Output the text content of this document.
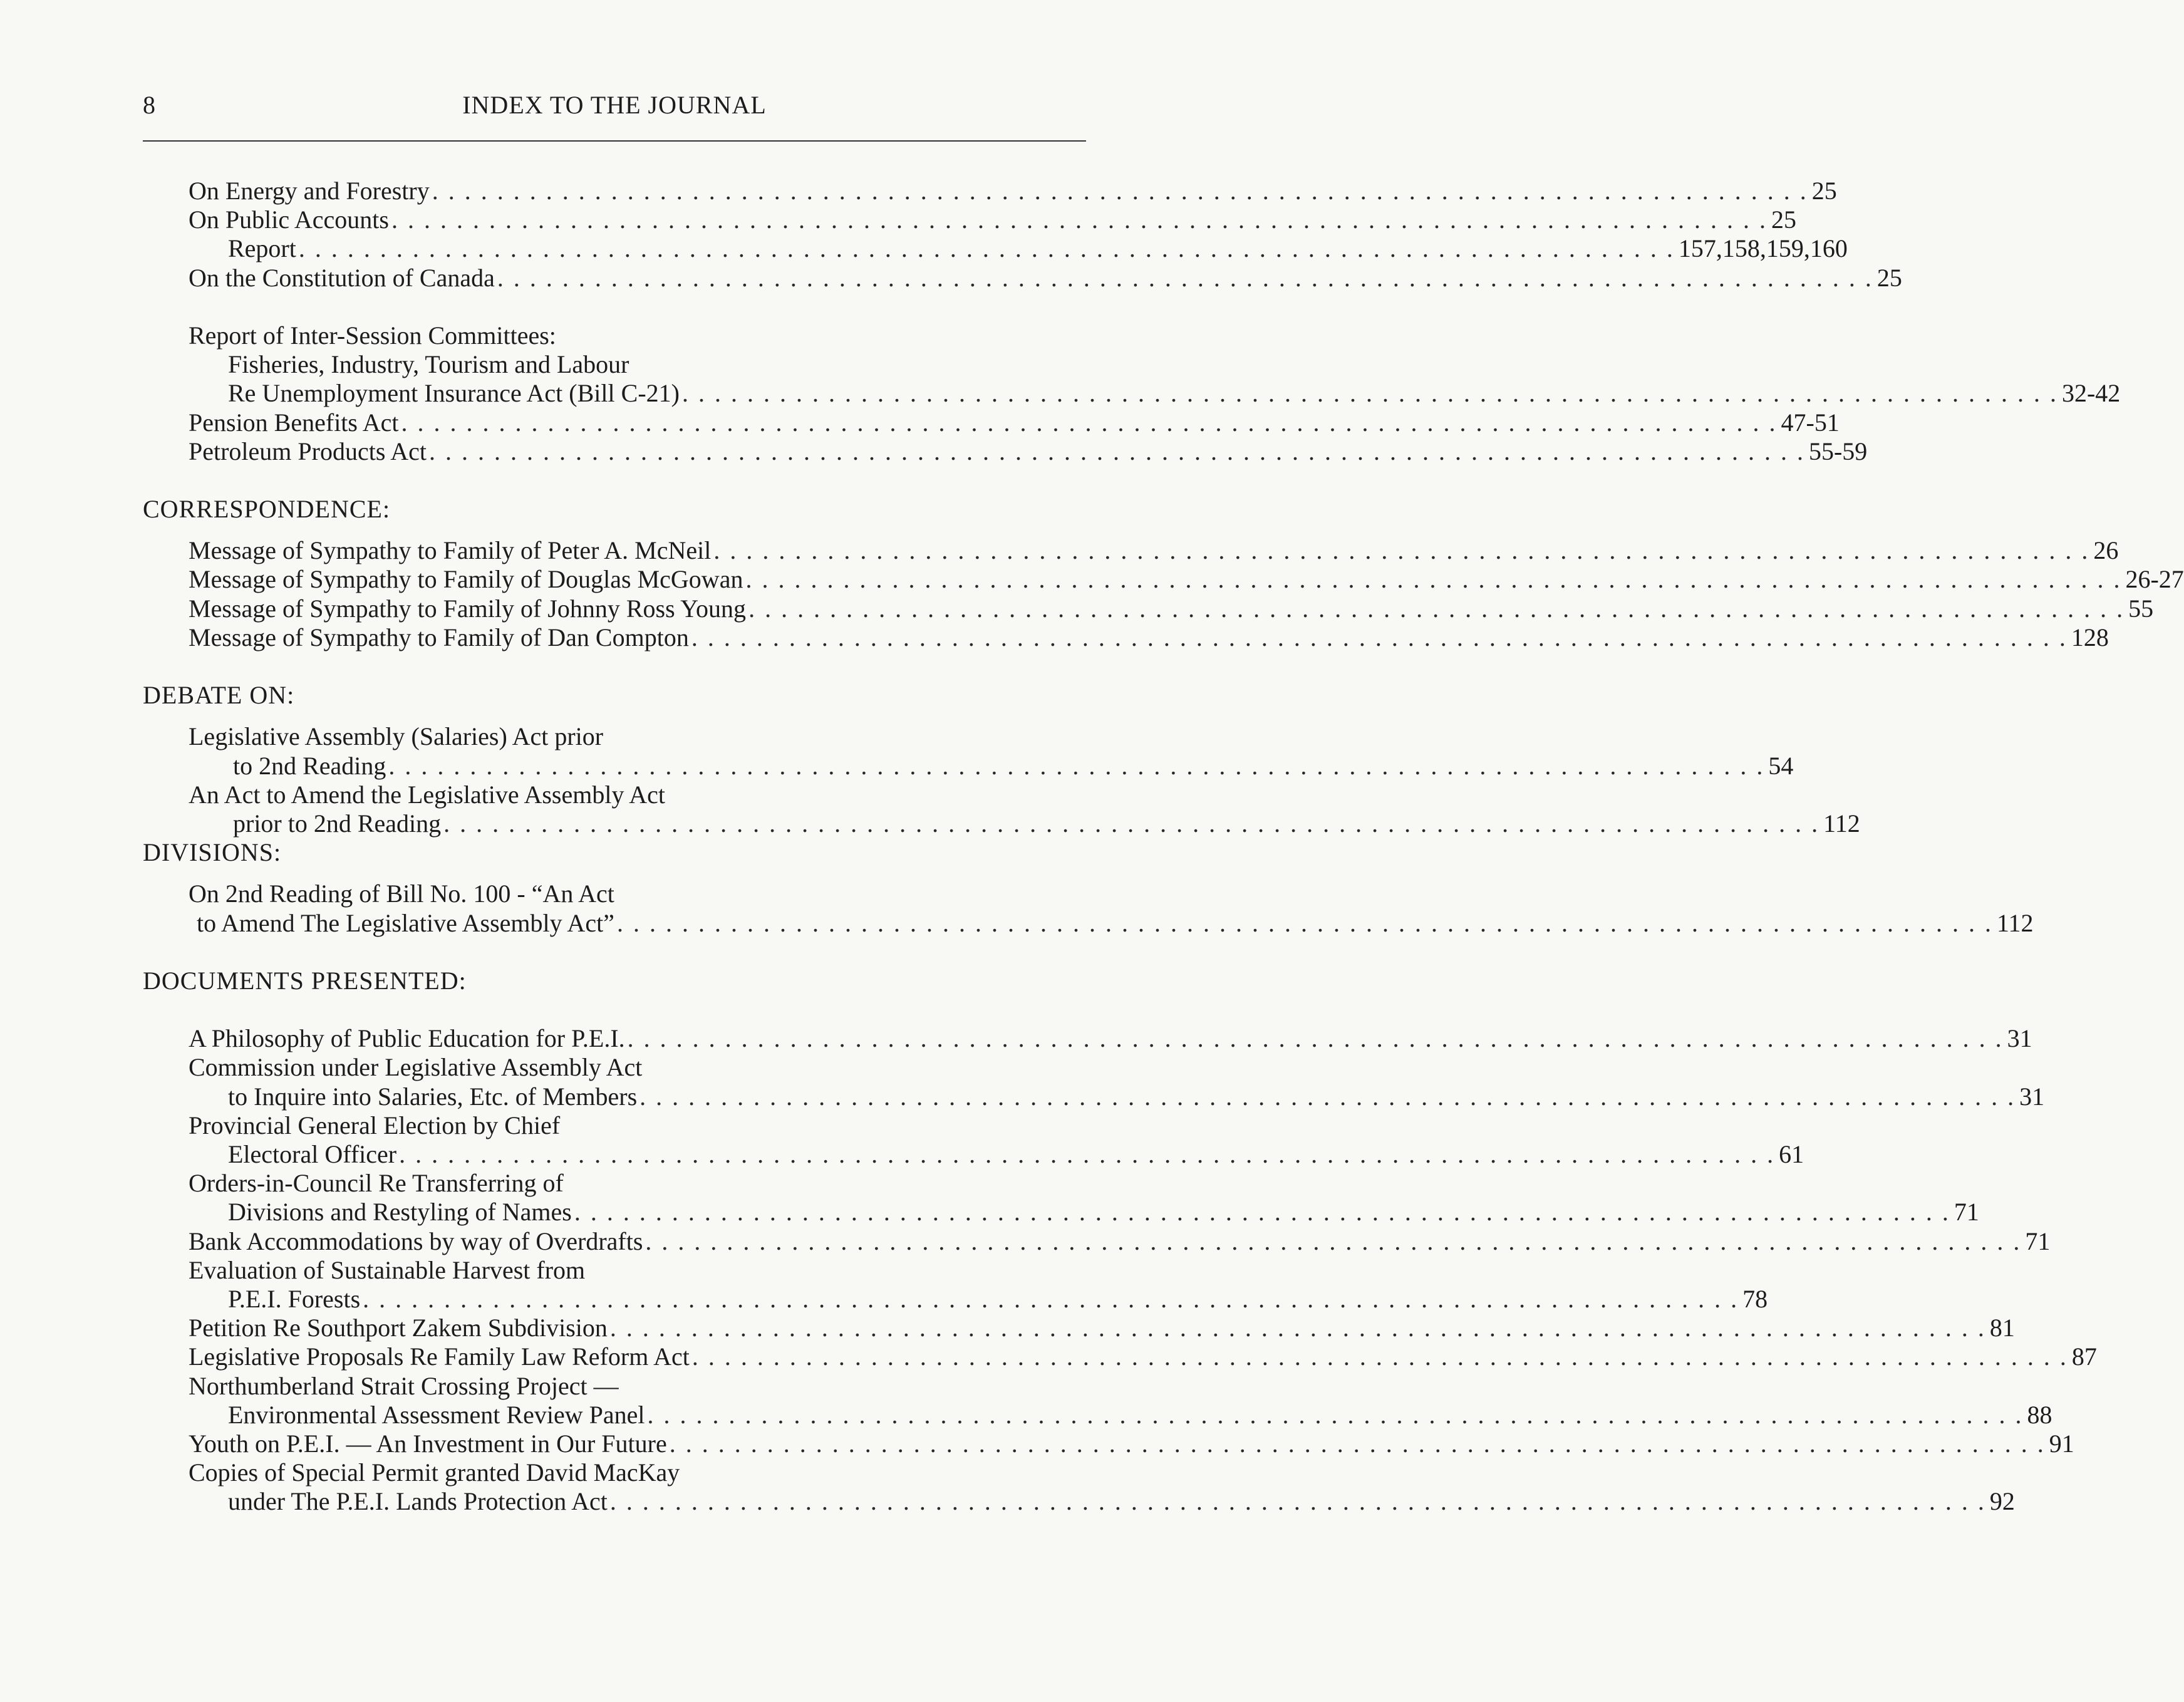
8	INDEX TO THE JOURNAL
On Energy and Forestry . . . . . . . . . . . . . . . . . . . . . . . . . . . . . . . . . . . . . . . . . . . . . . . . . . . . . . . . . . . . . . . . . . . . . . . . . . . . . . . . . . . . . 25
On Public Accounts . . . . . . . . . . . . . . . . . . . . . . . . . . . . . . . . . . . . . . . . . . . . . . . . . . . . . . . . . . . . . . . . . . . . . . . . . . . . . . . . . . . . . 25
Report . . . . . . . . . . . . . . . . . . . . . . . . . . . . . . . . . . . . . . . . . . . . . . . . . . . . . . . . . . . . . . . . . . . . . . . . . . . . . . . . . . . . . 157,158,159,160
On the Constitution of Canada . . . . . . . . . . . . . . . . . . . . . . . . . . . . . . . . . . . . . . . . . . . . . . . . . . . . . . . . . . . . . . . . . . . . . . . . . . . . . . . . . . . . . 25
Report of Inter-Session Committees:
Fisheries, Industry, Tourism and Labour
Re Unemployment Insurance Act (Bill C-21) . . . . . . . . . . . . . . . . . . . . . . . . . . . . . . . . . . . . . . . . . . . . . . . . . . . . . . . . . . . . . . . . . . . . . . . . . . . . . . . . . . . . . 32-42
Pension Benefits Act . . . . . . . . . . . . . . . . . . . . . . . . . . . . . . . . . . . . . . . . . . . . . . . . . . . . . . . . . . . . . . . . . . . . . . . . . . . . . . . . . . . . . 47-51
Petroleum Products Act . . . . . . . . . . . . . . . . . . . . . . . . . . . . . . . . . . . . . . . . . . . . . . . . . . . . . . . . . . . . . . . . . . . . . . . . . . . . . . . . . . . . . 55-59
CORRESPONDENCE:
Message of Sympathy to Family of Peter A. McNeil . . . . . . . . . . . . . . . . . . . . . . . . . . . . . . . . . . . . . . . . . . . . . . . . . . . . . . . . . . . . . . . . . . . . . . . . . . . . . . . . . . . . . 26
Message of Sympathy to Family of Douglas McGowan . . . . . . . . . . . . . . . . . . . . . . . . . . . . . . . . . . . . . . . . . . . . . . . . . . . . . . . . . . . . . . . . . . . . . . . . . . . . . . . . . . . . . 26-27
Message of Sympathy to Family of Johnny Ross Young . . . . . . . . . . . . . . . . . . . . . . . . . . . . . . . . . . . . . . . . . . . . . . . . . . . . . . . . . . . . . . . . . . . . . . . . . . . . . . . . . . . . . 55
Message of Sympathy to Family of Dan Compton . . . . . . . . . . . . . . . . . . . . . . . . . . . . . . . . . . . . . . . . . . . . . . . . . . . . . . . . . . . . . . . . . . . . . . . . . . . . . . . . . . . . . 128
DEBATE ON:
Legislative Assembly (Salaries) Act prior
to 2nd Reading . . . . . . . . . . . . . . . . . . . . . . . . . . . . . . . . . . . . . . . . . . . . . . . . . . . . . . . . . . . . . . . . . . . . . . . . . . . . . . . . . . . . . 54
An Act to Amend the Legislative Assembly Act
prior to 2nd Reading . . . . . . . . . . . . . . . . . . . . . . . . . . . . . . . . . . . . . . . . . . . . . . . . . . . . . . . . . . . . . . . . . . . . . . . . . . . . . . . . . . . . . 112
DIVISIONS:
On 2nd Reading of Bill No. 100 - “An Act
to Amend The Legislative Assembly Act” . . . . . . . . . . . . . . . . . . . . . . . . . . . . . . . . . . . . . . . . . . . . . . . . . . . . . . . . . . . . . . . . . . . . . . . . . . . . . . . . . . . . . 112
DOCUMENTS PRESENTED:
A Philosophy of Public Education for P.E.I. . . . . . . . . . . . . . . . . . . . . . . . . . . . . . . . . . . . . . . . . . . . . . . . . . . . . . . . . . . . . . . . . . . . . . . . . . . . . . . . . . . . . . 31
Commission under Legislative Assembly Act
to Inquire into Salaries, Etc. of Members . . . . . . . . . . . . . . . . . . . . . . . . . . . . . . . . . . . . . . . . . . . . . . . . . . . . . . . . . . . . . . . . . . . . . . . . . . . . . . . . . . . . . 31
Provincial General Election by Chief
Electoral Officer . . . . . . . . . . . . . . . . . . . . . . . . . . . . . . . . . . . . . . . . . . . . . . . . . . . . . . . . . . . . . . . . . . . . . . . . . . . . . . . . . . . . . 61
Orders-in-Council Re Transferring of
Divisions and Restyling of Names . . . . . . . . . . . . . . . . . . . . . . . . . . . . . . . . . . . . . . . . . . . . . . . . . . . . . . . . . . . . . . . . . . . . . . . . . . . . . . . . . . . . . 71
Bank Accommodations by way of Overdrafts . . . . . . . . . . . . . . . . . . . . . . . . . . . . . . . . . . . . . . . . . . . . . . . . . . . . . . . . . . . . . . . . . . . . . . . . . . . . . . . . . . . . . 71
Evaluation of Sustainable Harvest from
P.E.I. Forests . . . . . . . . . . . . . . . . . . . . . . . . . . . . . . . . . . . . . . . . . . . . . . . . . . . . . . . . . . . . . . . . . . . . . . . . . . . . . . . . . . . . . 78
Petition Re Southport Zakem Subdivision . . . . . . . . . . . . . . . . . . . . . . . . . . . . . . . . . . . . . . . . . . . . . . . . . . . . . . . . . . . . . . . . . . . . . . . . . . . . . . . . . . . . . 81
Legislative Proposals Re Family Law Reform Act . . . . . . . . . . . . . . . . . . . . . . . . . . . . . . . . . . . . . . . . . . . . . . . . . . . . . . . . . . . . . . . . . . . . . . . . . . . . . . . . . . . . . 87
Northumberland Strait Crossing Project —
Environmental Assessment Review Panel . . . . . . . . . . . . . . . . . . . . . . . . . . . . . . . . . . . . . . . . . . . . . . . . . . . . . . . . . . . . . . . . . . . . . . . . . . . . . . . . . . . . . 88
Youth on P.E.I. — An Investment in Our Future . . . . . . . . . . . . . . . . . . . . . . . . . . . . . . . . . . . . . . . . . . . . . . . . . . . . . . . . . . . . . . . . . . . . . . . . . . . . . . . . . . . . . 91
Copies of Special Permit granted David MacKay
under The P.E.I. Lands Protection Act . . . . . . . . . . . . . . . . . . . . . . . . . . . . . . . . . . . . . . . . . . . . . . . . . . . . . . . . . . . . . . . . . . . . . . . . . . . . . . . . . . . . . 92
